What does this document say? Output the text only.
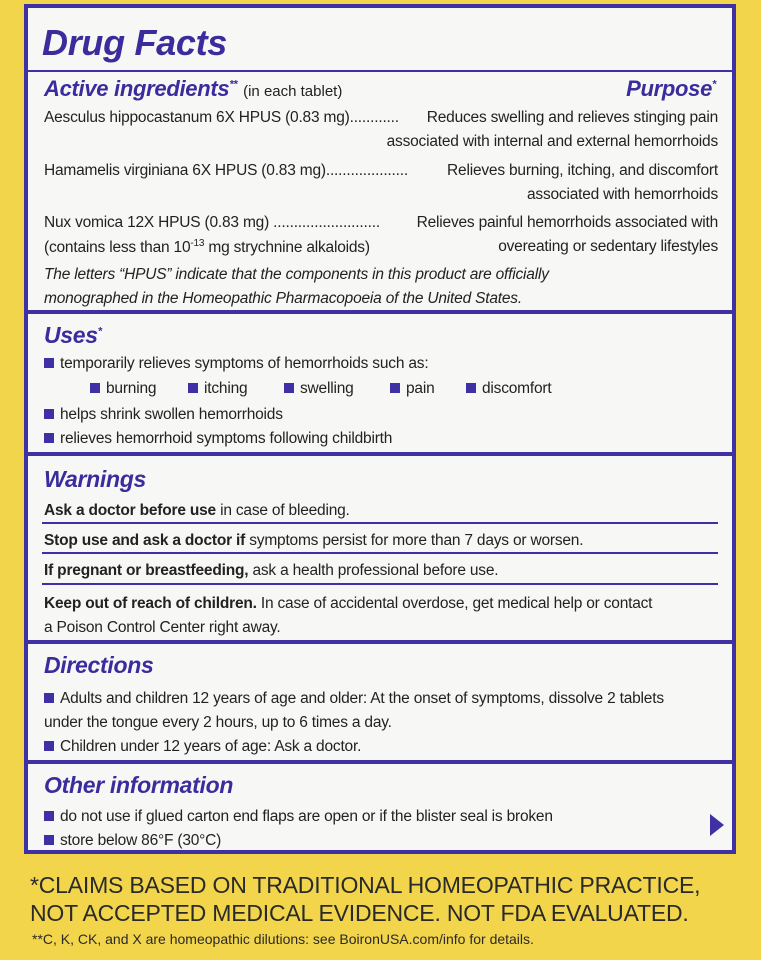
Drug Facts
Active ingredients** (in each tablet)	Purpose*
Aesculus hippocastanum 6X HPUS (0.83 mg)............ Reduces swelling and relieves stinging pain
associated with internal and external hemorrhoids
Hamamelis virginiana 6X HPUS (0.83 mg)....................	Relieves burning, itching, and discomfort
associated with hemorrhoids
Nux vomica 12X HPUS (0.83 mg) .......................... Relieves painful hemorrhoids associated with
(contains less than $10^{-13}$ mg strychnine alkaloids)	overeating or sedentary lifestyles
The letters “HPUS” indicate that the components in this product are officially
monographed in the Homeopathic Pharmacopoeia of the United States.
Uses*
temporarily relieves symptoms of hemorrhoids such as:
burning	itching	swelling	pain	discomfort
helps shrink swollen hemorrhoids
relieves hemorrhoid symptoms following childbirth
Warnings
Ask a doctor before use in case of bleeding.
Stop use and ask a doctor if symptoms persist for more than 7 days or worsen.
If pregnant or breastfeeding, ask a health professional before use.
Keep out of reach of children. In case of accidental overdose, get medical help or contact
a Poison Control Center right away.
Directions
Adults and children 12 years of age and older: At the onset of symptoms, dissolve 2 tablets
under the tongue every 2 hours, up to 6 times a day.
Children under 12 years of age: Ask a doctor.
Other information
do not use if glued carton end flaps are open or if the blister seal is broken
store below 86°F (30°C)
*CLAIMS BASED ON TRADITIONAL HOMEOPATHIC PRACTICE,
NOT ACCEPTED MEDICAL EVIDENCE. NOT FDA EVALUATED.
**C, K, CK, and X are homeopathic dilutions: see BoironUSA.com/info for details.
